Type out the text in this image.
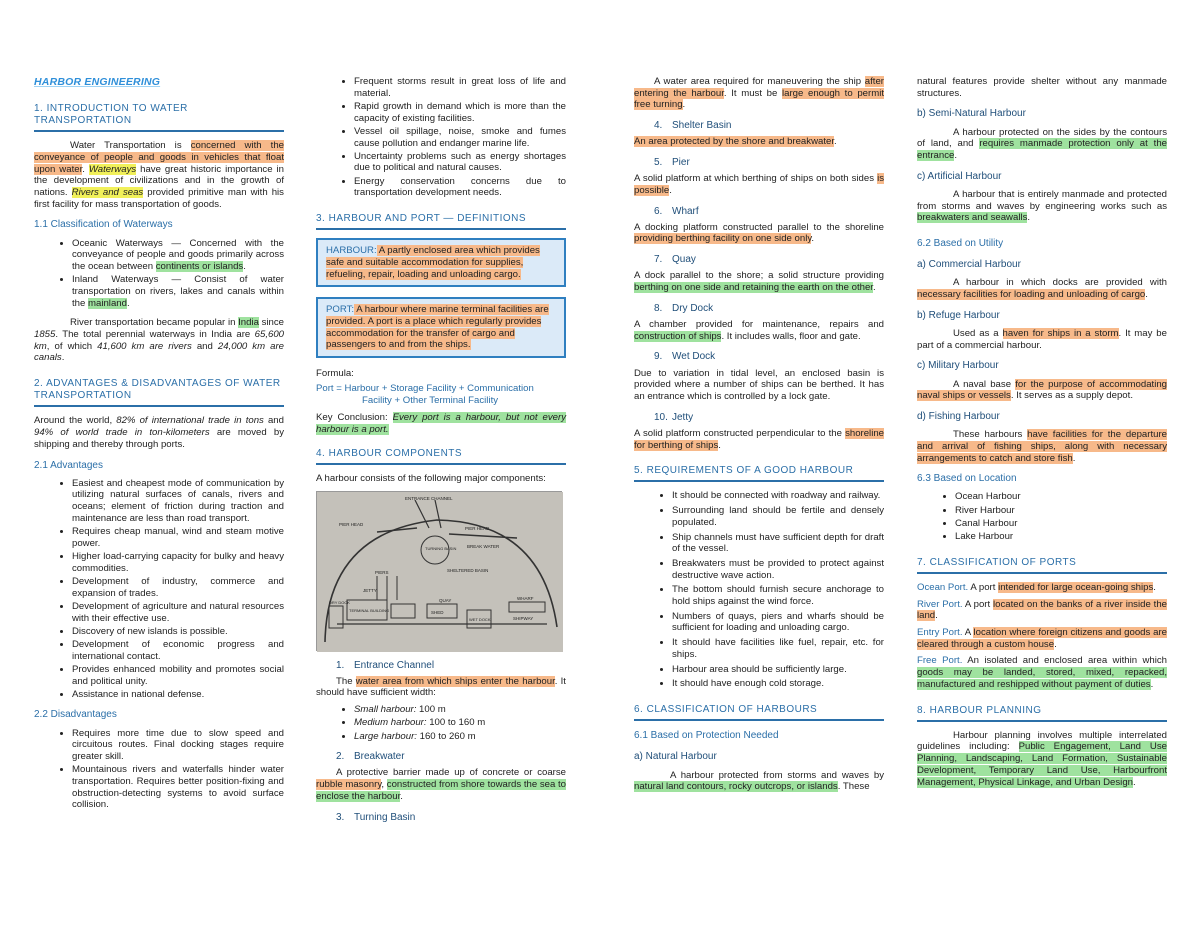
HARBOR ENGINEERING
1. INTRODUCTION TO WATER TRANSPORTATION

Water Transportation is concerned with the conveyance of people and goods in vehicles that float upon water. Waterways have great historic importance in the development of civilizations and in the growth of nations. Rivers and seas provided primitive man with his first facility for mass transportation of goods.

1.1 Classification of Waterways
• Oceanic Waterways — Concerned with the conveyance of people and goods primarily across the ocean between continents or islands.
• Inland Waterways — Consist of water transportation on rivers, lakes and canals within the mainland.

River transportation became popular in India since 1855. The total perennial waterways in India are 65,600 km, of which 41,600 km are rivers and 24,000 km are canals.

2. ADVANTAGES & DISADVANTAGES OF WATER TRANSPORTATION

Around the world, 82% of international trade in tons and 94% of world trade in ton-kilometers are moved by shipping and thereby through ports.

2.1 Advantages
• Easiest and cheapest mode of communication by utilizing natural surfaces of canals, rivers and oceans; element of friction during traction and maintenance are less than road transport.
• Requires cheap manual, wind and steam motive power.
• Higher load-carrying capacity for bulky and heavy commodities.
• Development of industry, commerce and expansion of trades.
• Development of agriculture and natural resources with their effective use.
• Discovery of new islands is possible.
• Development of economic progress and international contact.
• Provides enhanced mobility and promotes social and political unity.
• Assistance in national defense.
2.2 Disadvantages
• Requires more time due to slow speed and circuitous routes. Final docking stages require greater skill.
• Mountainous rivers and waterfalls hinder water transportation. Requires better position-fixing and obstruction-detecting systems to avoid surface collision.
• Frequent storms result in great loss of life and material.
• Rapid growth in demand which is more than the capacity of existing facilities.
• Vessel oil spillage, noise, smoke and fumes cause pollution and endanger marine life.
• Uncertainty problems such as energy shortages due to political and natural causes.
• Energy conservation concerns due to transportation development needs.
3. HARBOUR AND PORT — DEFINITIONS
HARBOUR: A partly enclosed area which provides safe and suitable accommodation for supplies, refueling, repair, loading and unloading cargo.
PORT: A harbour where marine terminal facilities are provided. A port is a place which regularly provides accommodation for the transfer of cargo and passengers to and from the ships.
Formula:
Port = Harbour + Storage Facility + Communication
Facility + Other Terminal Facility

Key Conclusion: Every port is a harbour, but not every harbour is a port.

4. HARBOUR COMPONENTS

A harbour consists of the following major components:

ENTRANCE CHANNEL
PIER HEAD
PIER HEAD
TURNING BASIN BREAK WATER
SHELTERED BASIN
PIERS
QUAY	WHARF
DRY DOCK
TERMINAL BUILDING	SHED
WET DOCK
JETTY
SHIPWAY
1. Entrance Channel

The water area from which ships enter the harbour. It should have sufficient width:

• Small harbour: 100 m
• Medium harbour: 100 to 160 m
• Large harbour: 160 to 260 m
2. Breakwater

A protective barrier made up of concrete or coarse rubble masonry, constructed from shore towards the sea to enclose the harbour.

3. Turning Basin

A water area required for maneuvering the ship after entering the harbour. It must be large enough to permit free turning.

4. Shelter Basin

An area protected by the shore and breakwater.

5. Pier

A solid platform at which berthing of ships on both sides is possible.

6. Wharf

A docking platform constructed parallel to the shoreline providing berthing facility on one side only.

7. Quay

A dock parallel to the shore; a solid structure providing berthing on one side and retaining the earth on the other.

8. Dry Dock

A chamber provided for maintenance, repairs and construction of ships. It includes walls, floor and gate.

9. Wet Dock

Due to variation in tidal level, an enclosed basin is provided where a number of ships can be berthed. It has an entrance which is controlled by a lock gate.

10. Jetty

A solid platform constructed perpendicular to the shoreline for berthing of ships.

5. REQUIREMENTS OF A GOOD HARBOUR
• It should be connected with roadway and railway.
• Surrounding land should be fertile and densely populated.
• Ship channels must have sufficient depth for draft of the vessel.
• Breakwaters must be provided to protect against destructive wave action.
• The bottom should furnish secure anchorage to hold ships against the wind force.
• Numbers of quays, piers and wharfs should be sufficient for loading and unloading cargo.
• It should have facilities like fuel, repair, etc. for ships.
• Harbour area should be sufficiently large.
• It should have enough cold storage.
6. CLASSIFICATION OF HARBOURS
6.1 Based on Protection Needed
a) Natural Harbour

A harbour protected from storms and waves by natural land contours, rocky outcrops, or islands. These

natural features provide shelter without any manmade structures.

b) Semi-Natural Harbour

A harbour protected on the sides by the contours of land, and requires manmade protection only at the entrance.

c) Artificial Harbour

A harbour that is entirely manmade and protected from storms and waves by engineering works such as breakwaters and seawalls.

6.2 Based on Utility
a) Commercial Harbour

A harbour in which docks are provided with necessary facilities for loading and unloading of cargo.

b) Refuge Harbour

Used as a haven for ships in a storm. It may be part of a commercial harbour.

c) Military Harbour

A naval base for the purpose of accommodating naval ships or vessels. It serves as a supply depot.

d) Fishing Harbour

These harbours have facilities for the departure and arrival of fishing ships, along with necessary arrangements to catch and store fish.

6.3 Based on Location
• Ocean Harbour
• River Harbour
• Canal Harbour
• Lake Harbour
7. CLASSIFICATION OF PORTS

Ocean Port. A port intended for large ocean-going ships.

River Port. A port located on the banks of a river inside the land.

Entry Port. A location where foreign citizens and goods are cleared through a custom house.

Free Port. An isolated and enclosed area within which goods may be landed, stored, mixed, repacked, manufactured and reshipped without payment of duties.

8. HARBOUR PLANNING

Harbour planning involves multiple interrelated guidelines including: Public Engagement, Land Use Planning, Landscaping, Land Formation, Sustainable Development, Temporary Land Use, Harbourfront Management, Physical Linkage, and Urban Design.
